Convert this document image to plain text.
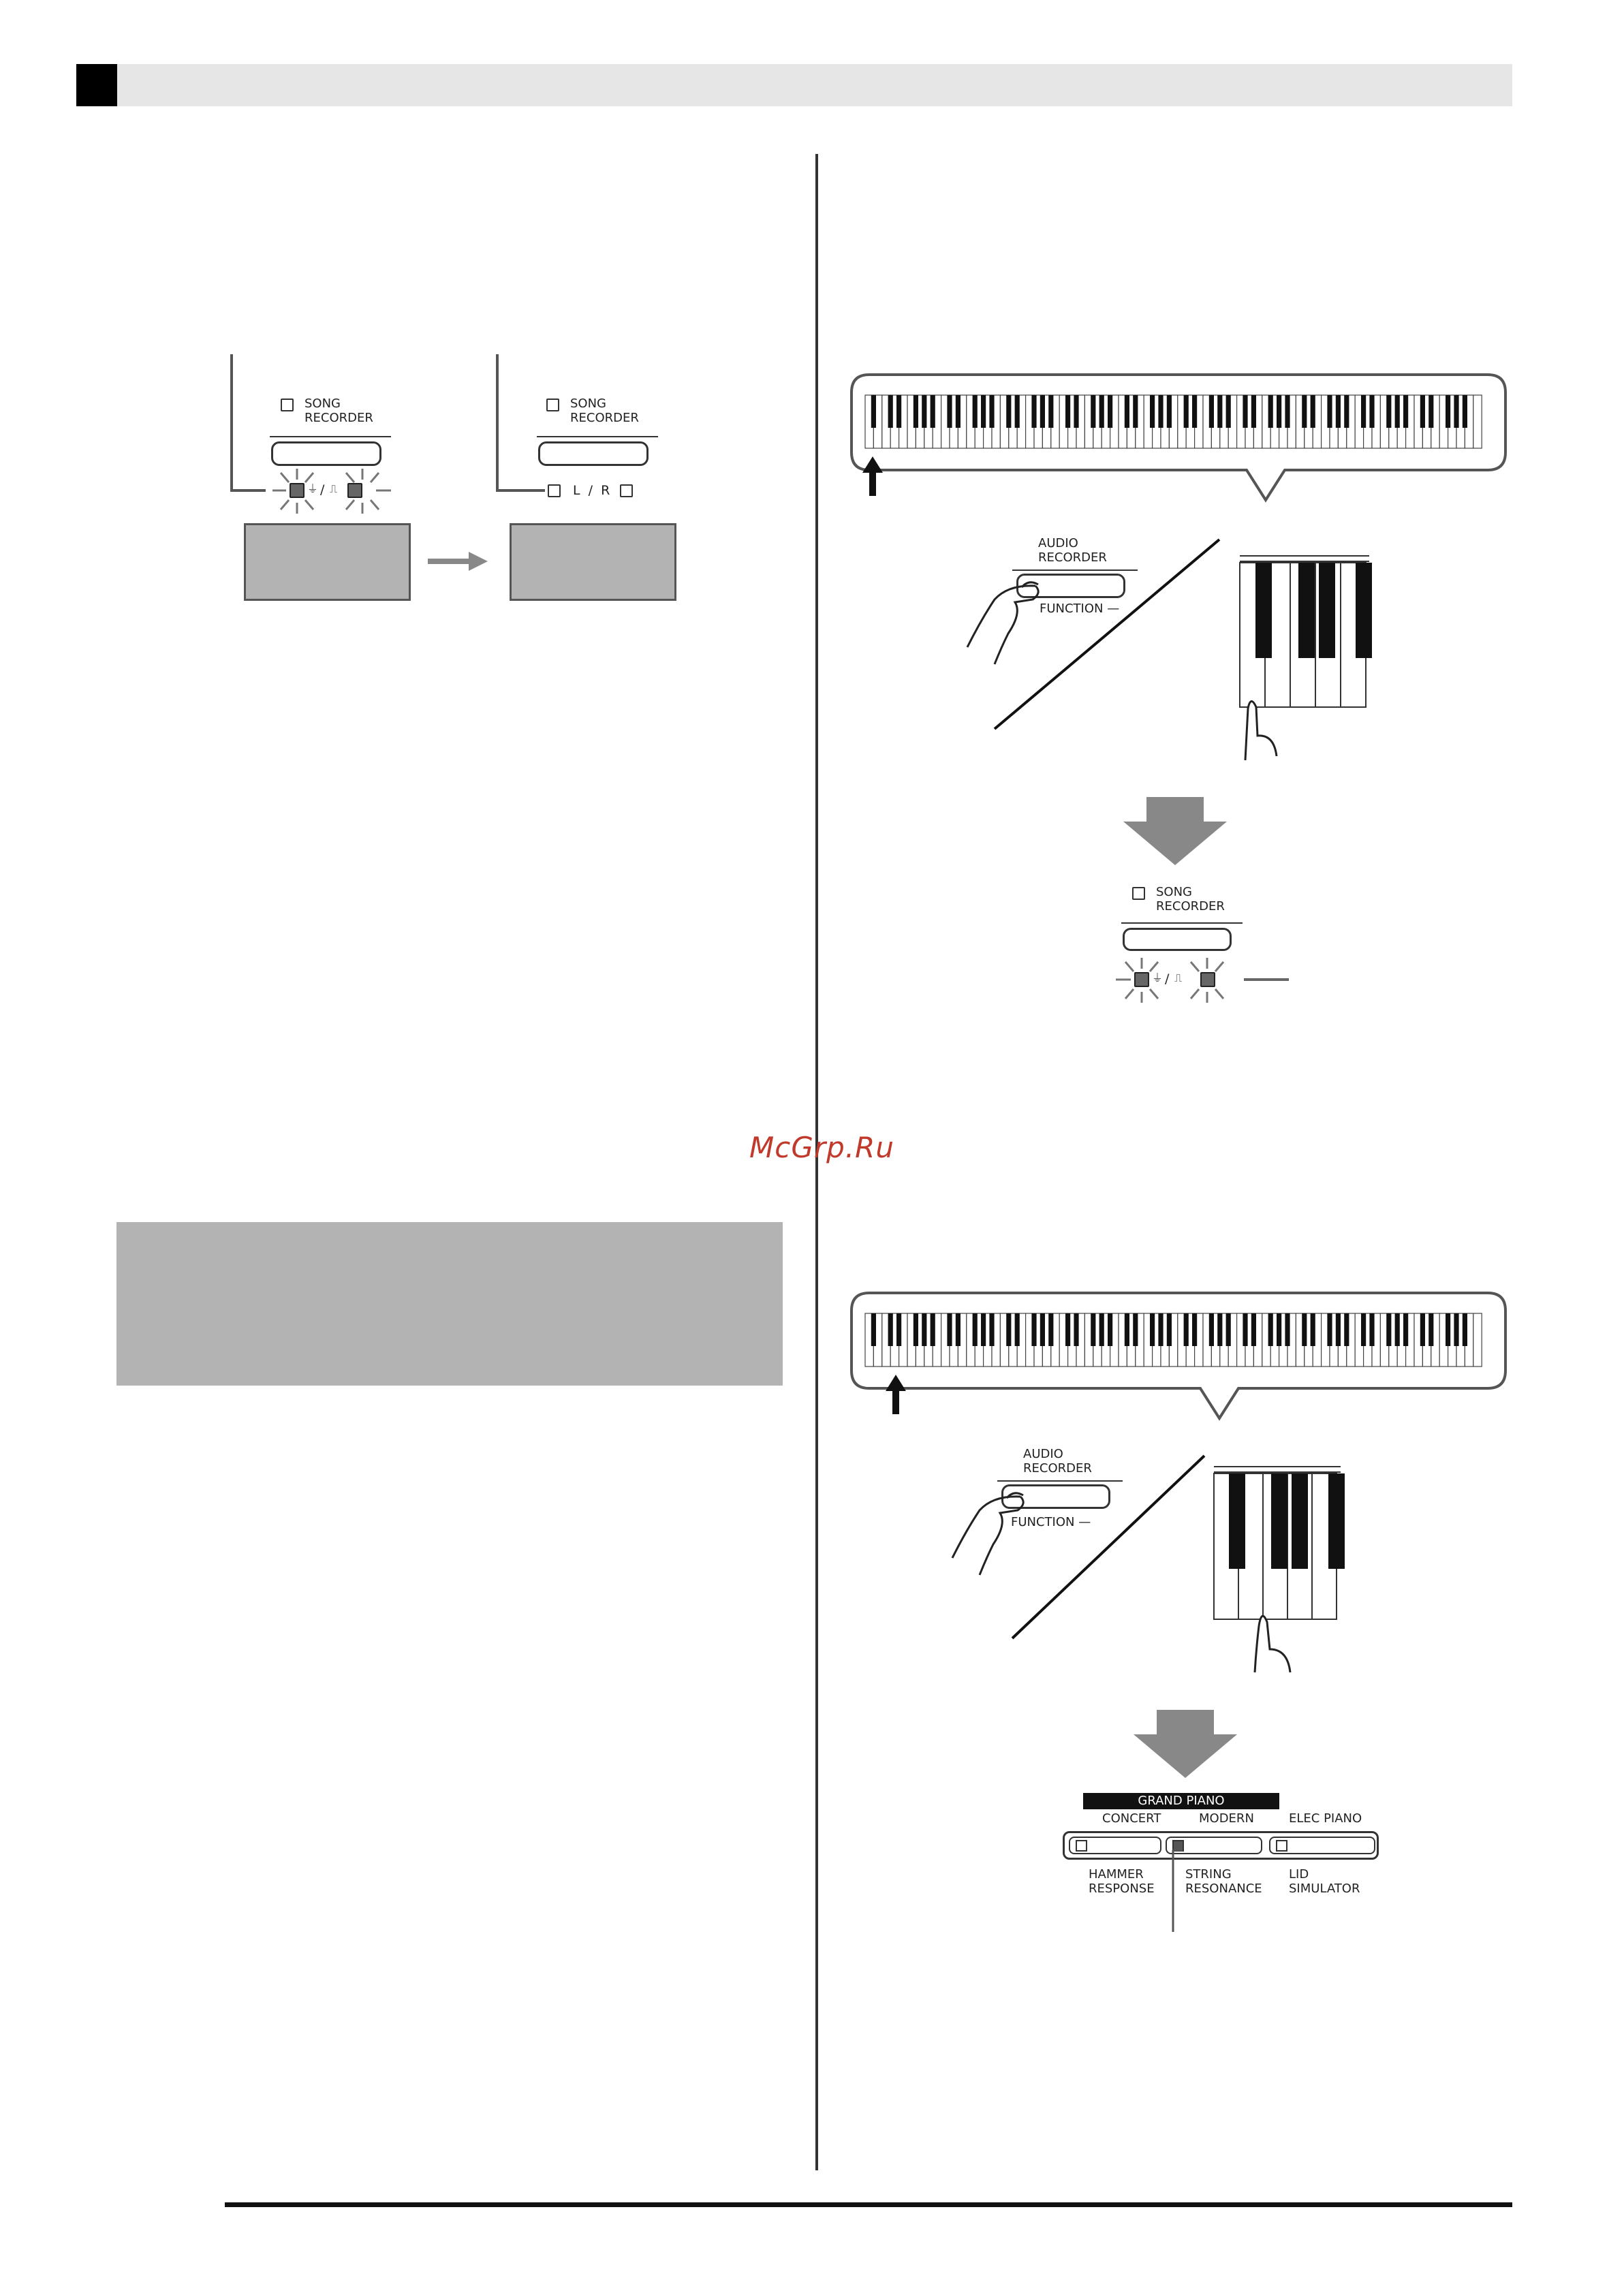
SONG
RECORDER
⏚ / ⎍
SONG
RECORDER
L / R
McGrp.Ru
AUDIO
RECORDER
FUNCTION —
SONG
RECORDER
⏚ / ⎍
AUDIO
RECORDER
FUNCTION —
GRAND PIANO
CONCERT	MODERN	ELEC PIANO
HAMMER
RESPONSE
STRING
RESONANCE
LID
SIMULATOR
